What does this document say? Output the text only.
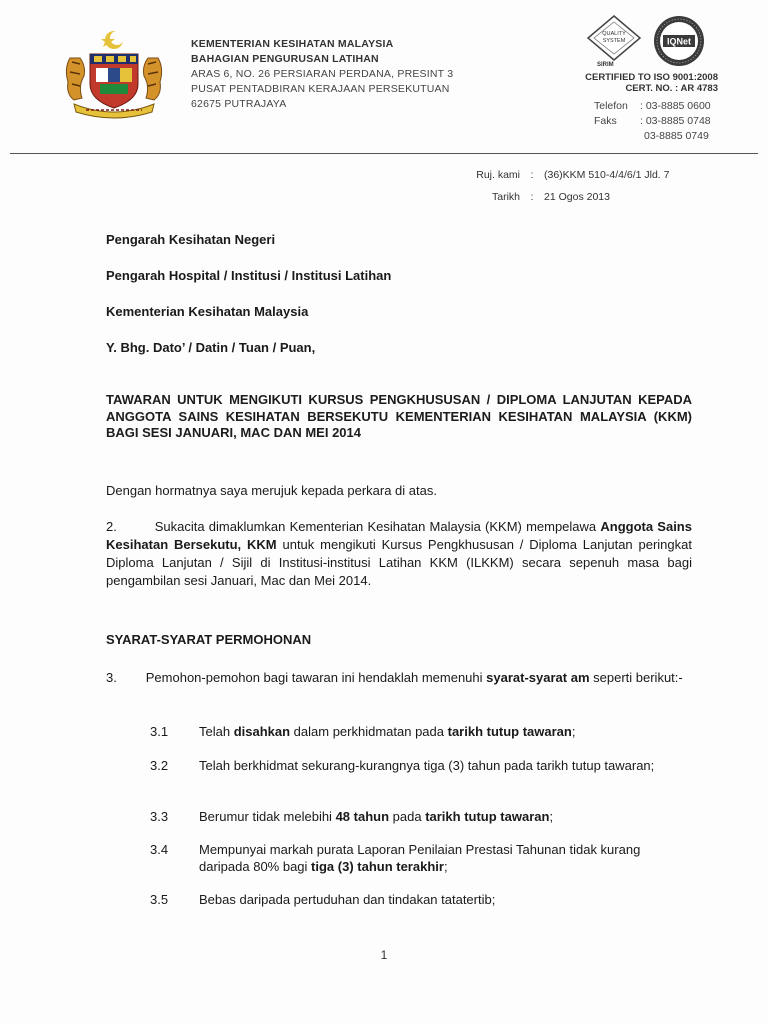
KEMENTERIAN KESIHATAN MALAYSIA
BAHAGIAN PENGURUSAN LATIHAN
ARAS 6, NO. 26 PERSIARAN PERDANA, PRESINT 3
PUSAT PENTADBIRAN KERAJAAN PERSEKUTUAN
62675 PUTRAJAYA
QUALITY
SYSTEM
SIRIM
IQNet
CERTIFIED TO ISO 9001:2008
CERT. NO. : AR 4783
Telefon : 03-8885 0600
Faks : 03-8885 0748
03-8885 0749
Ruj. kami : (36)KKM 510-4/4/6/1 Jld. 7
Tarikh : 21 Ogos 2013
Pengarah Kesihatan Negeri
Pengarah Hospital / Institusi / Institusi Latihan
Kementerian Kesihatan Malaysia
Y. Bhg. Dato’ / Datin / Tuan / Puan,
TAWARAN UNTUK MENGIKUTI KURSUS PENGKHUSUSAN / DIPLOMA LANJUTAN KEPADA ANGGOTA SAINS KESIHATAN BERSEKUTU KEMENTERIAN KESIHATAN MALAYSIA (KKM) BAGI SESI JANUARI, MAC DAN MEI 2014
Dengan hormatnya saya merujuk kepada perkara di atas.
2.	Sukacita dimaklumkan Kementerian Kesihatan Malaysia (KKM) mempelawa Anggota Sains Kesihatan Bersekutu, KKM untuk mengikuti Kursus Pengkhususan / Diploma Lanjutan peringkat Diploma Lanjutan / Sijil di Institusi-institusi Latihan KKM (ILKKM) secara sepenuh masa bagi pengambilan sesi Januari, Mac dan Mei 2014.
SYARAT-SYARAT PERMOHONAN
3. Pemohon-pemohon bagi tawaran ini hendaklah memenuhi syarat-syarat am seperti berikut:-
3.1 Telah disahkan dalam perkhidmatan pada tarikh tutup tawaran;
3.2 Telah berkhidmat sekurang-kurangnya tiga (3) tahun pada tarikh tutup tawaran;
3.3 Berumur tidak melebihi 48 tahun pada tarikh tutup tawaran;
3.4 Mempunyai markah purata Laporan Penilaian Prestasi Tahunan tidak kurang daripada 80% bagi tiga (3) tahun terakhir;
3.5 Bebas daripada pertuduhan dan tindakan tatatertib;
1
